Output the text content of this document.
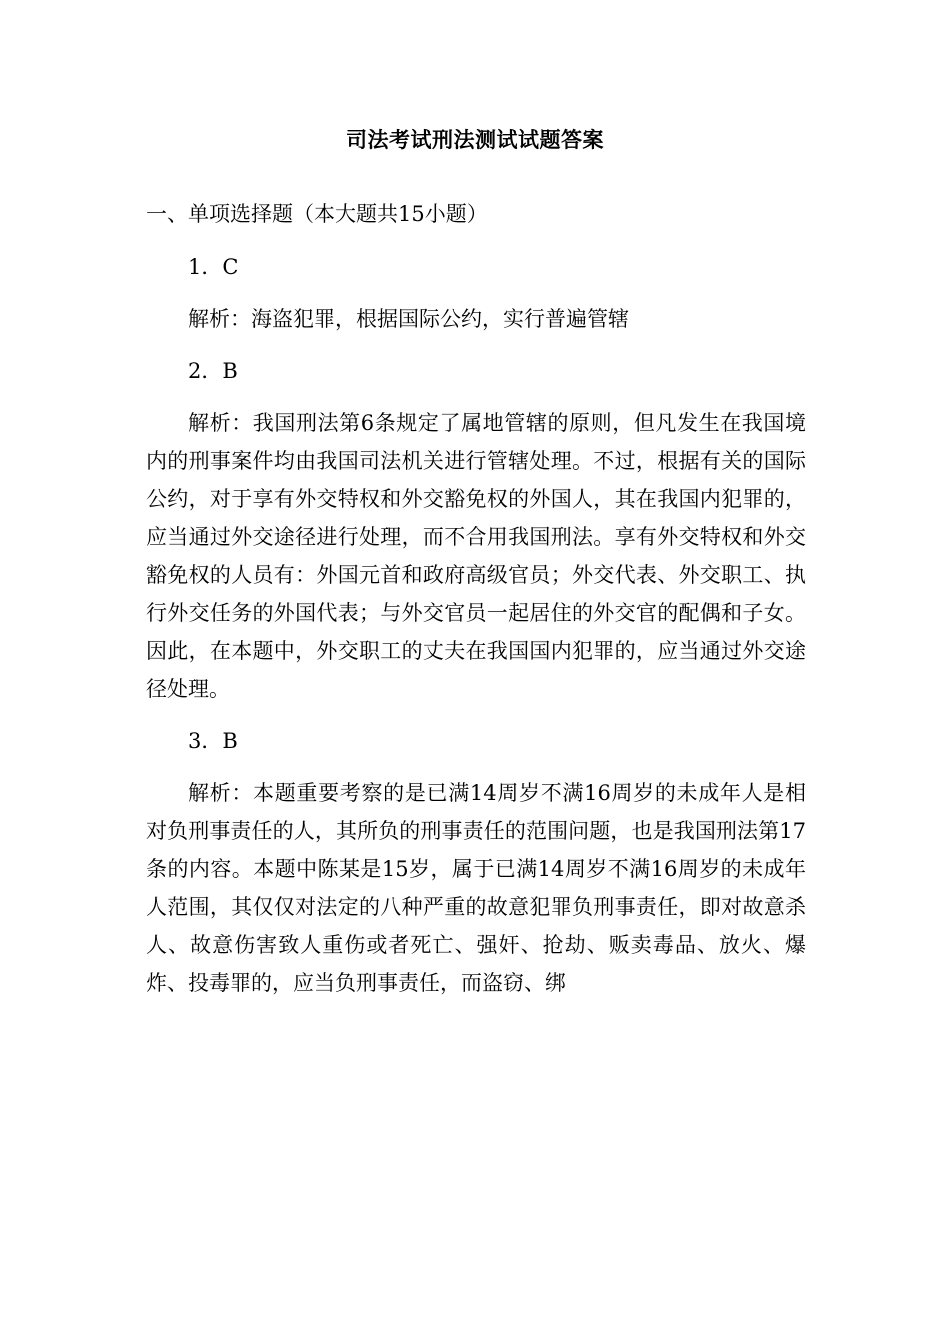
司法考试刑法测试试题答案
一、单项选择题（本大题共15小题）

1．C

解析：海盗犯罪，根据国际公约，实行普遍管辖

2．B

解析：我国刑法第6条规定了属地管辖的原则，但凡发生在我国境内的刑事案件均由我国司法机关进行管辖处理。不过，根据有关的国际公约，对于享有外交特权和外交豁免权的外国人，其在我国内犯罪的，应当通过外交途径进行处理，而不合用我国刑法。享有外交特权和外交豁免权的人员有：外国元首和政府高级官员；外交代表、外交职工、执行外交任务的外国代表；与外交官员一起居住的外交官的配偶和子女。因此，在本题中，外交职工的丈夫在我国国内犯罪的，应当通过外交途径处理。

3．B

解析：本题重要考察的是已满14周岁不满16周岁的未成年人是相对负刑事责任的人，其所负的刑事责任的范围问题，也是我国刑法第17条的内容。本题中陈某是15岁，属于已满14周岁不满16周岁的未成年人范围，其仅仅对法定的八种严重的故意犯罪负刑事责任，即对故意杀人、故意伤害致人重伤或者死亡、强奸、抢劫、贩卖毒品、放火、爆炸、投毒罪的，应当负刑事责任，而盗窃、绑
